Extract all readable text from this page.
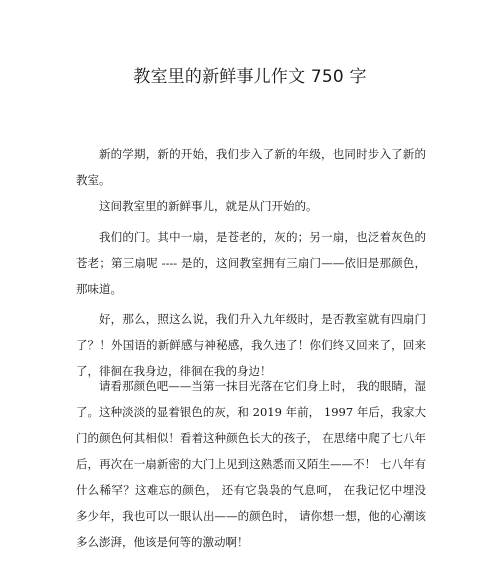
教室里的新鲜事儿作文 750 字

新的学期，新的开始，我们步入了新的年级，也同时步入了新的教室。

这间教室里的新鲜事儿，就是从门开始的。

我们的门。其中一扇，是苍老的，灰的；另一扇，也泛着灰色的苍老；第三扇呢 ---- 是的，这间教室拥有三扇门——依旧是那颜色，那味道。

好，那么，照这么说，我们升入九年级时，是否教室就有四扇门了？！外国语的新鲜感与神秘感，我久违了！你们终又回来了，回来了，徘徊在我身边，徘徊在我的身边！

请看那颜色吧——当第一抹目光落在它们身上时， 我的眼睛，湿了。这种淡淡的显着银色的灰，和 2019 年前， 1997 年后，我家大门的颜色何其相似！看着这种颜色长大的孩子， 在思绪中爬了七八年后，再次在一扇新密的大门上见到这熟悉而又陌生——不！ 七八年有什么稀罕？这难忘的颜色， 还有它袅袅的气息呵， 在我记忆中埋没多少年，我也可以一眼认出——的颜色时， 请你想一想，他的心潮该多么澎湃，他该是何等的激动啊！
